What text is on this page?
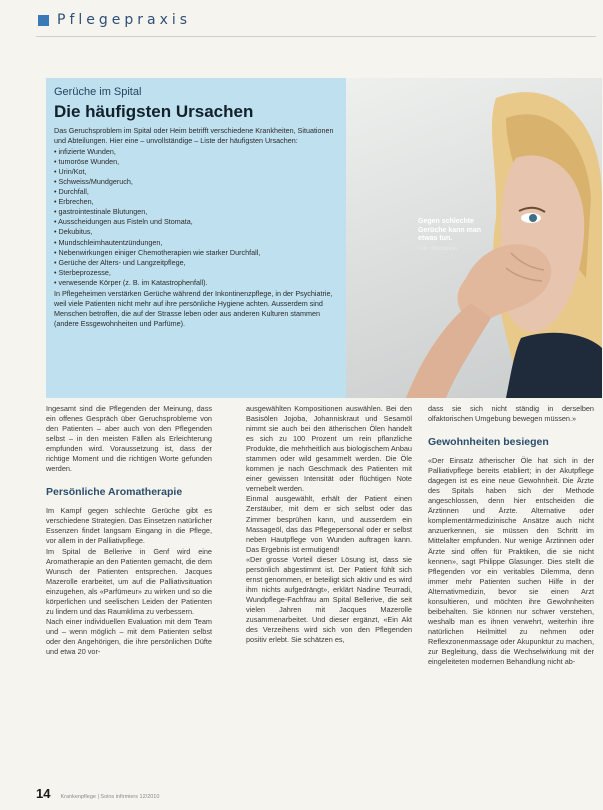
Pflegepraxis
Gerüche im Spital
Die häufigsten Ursachen

Das Geruchsproblem im Spital oder Heim betrifft verschiedene Krankheiten, Situationen und Abteilungen. Hier eine – unvollständige – Liste der häufigsten Ursachen:

• infizierte Wunden,
• tumoröse Wunden,
• Urin/Kot,
• Schweiss/Mundgeruch,
• Durchfall,
• Erbrechen,
• gastrointestinale Blutungen,
• Ausscheidungen aus Fisteln und Stomata,
• Dekubitus,
• Mundschleimhautentzündungen,
• Nebenwirkungen einiger Chemotherapien wie starker Durchfall,
• Gerüche der Alters- und Langzeitpflege,
• Sterbeprozesse,
• verwesende Körper (z. B. im Katastrophenfall).

In Pflegeheimen verstärken Gerüche während der Inkontinenzpflege, in der Psychiatrie, weil viele Patienten nicht mehr auf ihre persönliche Hygiene achten. Ausserdem sind Menschen betroffen, die auf der Strasse leben oder aus anderen Kulturen stammen (andere Essgewohnheiten und Parfüme).

Gegen schlechte Gerüche kann man etwas tun.
Foto: iStockphoto

Ingesamt sind die Pflegenden der Meinung, dass ein offenes Gespräch über Geruchsprobleme von den Patienten – aber auch von den Pflegenden selbst – in den meisten Fällen als Erleichterung empfunden wird. Voraussetzung ist, dass der richtige Moment und die richtigen Worte gefunden werden.

Persönliche Aromatherapie

Im Kampf gegen schlechte Gerüche gibt es verschiedene Strategien. Das Einsetzen natürlicher Essenzen findet langsam Eingang in die Pflege, vor allem in der Palliativpflege.

Im Spital de Bellerive in Genf wird eine Aromatherapie an den Patienten gemacht, die dem Wunsch der Patienten entsprechen. Jacques Mazerolle erarbeitet, um auf die Palliativsituation einzugehen, als «Parfümeur» zu wirken und so die körperlichen und seelischen Leiden der Patienten zu lindern und das Raumklima zu verbessern.

Nach einer individuellen Evaluation mit dem Team und – wenn möglich – mit dem Patienten selbst oder den Angehörigen, die ihre persönlichen Düfte und etwa 20 vor-

ausgewählten Kompositionen auswählen. Bei den Basisölen Jojoba, Johanniskraut und Sesamöl nimmt sie auch bei den ätherischen Ölen handelt es sich zu 100 Prozent um rein pflanzliche Produkte, die mehrheitlich aus biologischem Anbau stammen oder wild gesammelt werden. Die Öle kommen je nach Geschmack des Patienten mit einer gewissen Intensität oder flüchtigen Note vernebelt werden.

Einmal ausgewählt, erhält der Patient einen Zerstäuber, mit dem er sich selbst oder das Zimmer besprühen kann, und ausserdem ein Massageöl, das das Pflegepersonal oder er selbst neben Hautpflege von Wunden auftragen kann. Das Ergebnis ist ermutigend!

«Der grosse Vorteil dieser Lösung ist, dass sie persönlich abgestimmt ist. Der Patient fühlt sich ernst genommen, er beteiligt sich aktiv und es wird ihm nichts aufgedrängt», erklärt Nadine Teurradi, Wundpflege-Fachfrau am Spital Bellerive, die seit vielen Jahren mit Jacques Mazerolle zusammenarbeitet. Und dieser ergänzt, «Ein Akt des Verzeihens wird sich von den Pflegenden positiv erlebt. Sie schätzen es,

dass sie sich nicht ständig in derselben olfaktorischen Umgebung bewegen müssen.»

Gewohnheiten besiegen

«Der Einsatz ätherischer Öle hat sich in der Palliativpflege bereits etabliert; in der Akutpflege dagegen ist es eine neue Gewohnheit. Die Ärzte des Spitals haben sich der Methode angeschlossen, denn hier entscheiden die Ärztinnen und Ärzte. Alternative oder komplementärmedizinische Ansätze auch nicht anzuerkennen, sie müssen den Schritt im Mittelalter empfunden. Nur wenige Ärztinnen oder Ärzte sind offen für Praktiken, die sie nicht kennen», sagt Philippe Glasunger. Dies stellt die Pflegenden vor ein veritables Dilemma, denn immer mehr Patienten suchen Hilfe in der Alternativmedizin, bevor sie einen Arzt konsultieren, und möchten ihre Gewohnheiten beibehalten. Sie können nur schwer verstehen, weshalb man es ihnen verwehrt, weiterhin ihre natürlichen Heilmittel zu nehmen oder Reflexzonenmassage oder Akupunktur zu machen, zur Begleitung, dass die Wechselwirkung mit der eingeleiteten modernen Behandlung nicht ab-

14 Krankenpflege | Soins infirmiers 12/2010
